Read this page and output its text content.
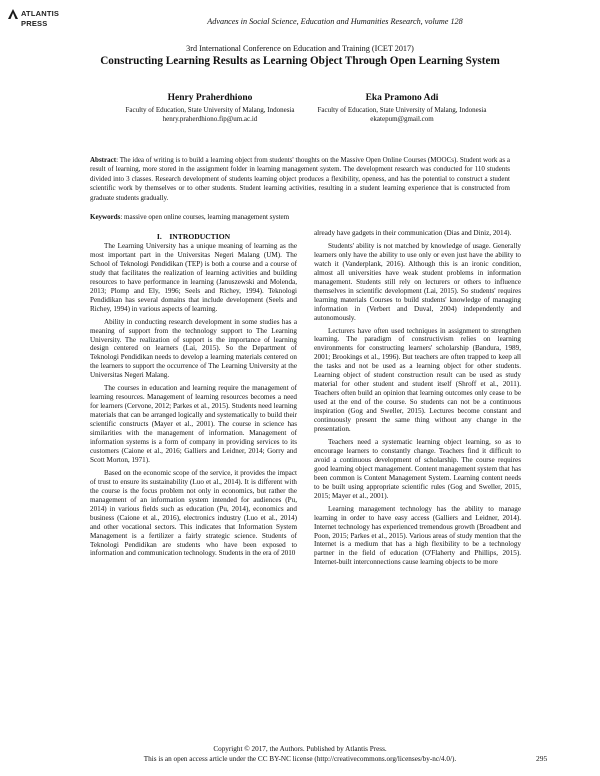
ATLANTIS
PRESS	Advances in Social Science, Education and Humanities Research, volume 128
3rd International Conference on Education and Training (ICET 2017)
Constructing Learning Results as Learning Object Through Open Learning System
Henry Praherdhiono
Faculty of Education, State University of Malang, Indonesia
henry.praherdhiono.fip@um.ac.id
Eka Pramono Adi
Faculty of Education, State University of Malang, Indonesia
ekatepum@gmail.com
Abstract: The idea of writing is to build a learning object from students' thoughts on the Massive Open Online Courses (MOOCs). Student work as a result of learning, more stored in the assignment folder in learning management system. The development research was conducted for 110 students divided into 3 classes. Research development of students learning object produces a flexibility, openess, and has the potential to construct a student scientific work by themselves or to other students. Student learning activities, resulting in a student learning experience that is constructed from graduate students gradually.
Keywords: massive open online courses, learning management system
I.    INTRODUCTION

The Learning University has a unique meaning of learning as the most important part in the Universitas Negeri Malang (UM). The School of Teknologi Pendidikan (TEP) is both a course and a course of study that facilitates the realization of learning activities and building resources to have performance in learning (Januszewski and Molenda, 2013; Plomp and Ely, 1996; Seels and Richey, 1994). Teknologi Pendidikan has several domains that include development (Seels and Richey, 1994) in various aspects of learning.

Ability in conducting research development in some studies has a meaning of support from the technology support to The Learning University. The realization of support is the importance of learning design centered on learners (Lai, 2015). So the Department of Teknologi Pendidikan needs to develop a learning materials centered on the learners to support the occurrence of The Learning University at the Universitas Negeri Malang.

The courses in education and learning require the management of learning resources. Management of learning resources becomes a need for learners (Cervone, 2012; Parkes et al., 2015). Students need learning materials that can be arranged logically and systematically to build their scientific constructs (Mayer et al., 2001). The course in science has similarities with the management of information. Management of information systems is a form of company in providing services to its customers (Caione et al., 2016; Galliers and Leidner, 2014; Gorry and Scott Morton, 1971).

Based on the economic scope of the service, it provides the impact of trust to ensure its sustainability (Luo et al., 2014). It is different with the course is the focus problem not only in economics, but rather the management of an information system intended for audiences (Pu, 2014) in various fields such as education (Pu, 2014), economics and business (Caione et al., 2016), electronics industry (Luo et al., 2014) and other vocational sectors. This indicates that Information System Management is a fertilizer a fairly strategic science. Students of Teknologi Pendidikan are students who have been exposed to information and communication technology. Students in the era of 2010

already have gadgets in their communication (Dias and Diniz, 2014).

Students' ability is not matched by knowledge of usage. Generally learners only have the ability to use only or even just have the ability to watch it (Vanderplank, 2016). Although this is an ironic condition, almost all universities have weak student problems in information management. Students still rely on lecturers or others to influence themselves in scientific development (Lai, 2015). So students' requires learning materials Courses to build students' knowledge of managing information in (Verbert and Duval, 2004) independently and autonomously.

Lecturers have often used techniques in assignment to strengthen learning. The paradigm of constructivism relies on learning environments for constructing learners' scholarship (Bandura, 1989, 2001; Brookings et al., 1996). But teachers are often trapped to keep all the tasks and not be used as a learning object for other students. Learning object of student construction result can be used as study material for other student and student itself (Shroff et al., 2011). Teachers often build an opinion that learning outcomes only cease to be used at the end of the course. So students can not be a continuous inspiration (Gog and Sweller, 2015). Lectures become constant and continuously present the same thing without any change in the presentation.

Teachers need a systematic learning object learning, so as to encourage learners to constantly change. Teachers find it difficult to avoid a continuous development of scholarship. The course requires good learning object management. Content management system that has been common is Content Management System. Learning content needs to be built using appropriate scientific rules (Gog and Sweller, 2015, 2015; Mayer et al., 2001).

Learning management technology has the ability to manage learning in order to have easy access (Galliers and Leidner, 2014). Internet technology has experienced tremendous growth (Broadbent and Poon, 2015; Parkes et al., 2015). Various areas of study mention that the Internet is a medium that has a high flexibility to be a technology partner in the field of education (O'Flaherty and Phillips, 2015). Internet-built interconnections cause learning objects to be more

Copyright © 2017, the Authors. Published by Atlantis Press.
This is an open access article under the CC BY-NC license (http://creativecommons.org/licenses/by-nc/4.0/).	295
